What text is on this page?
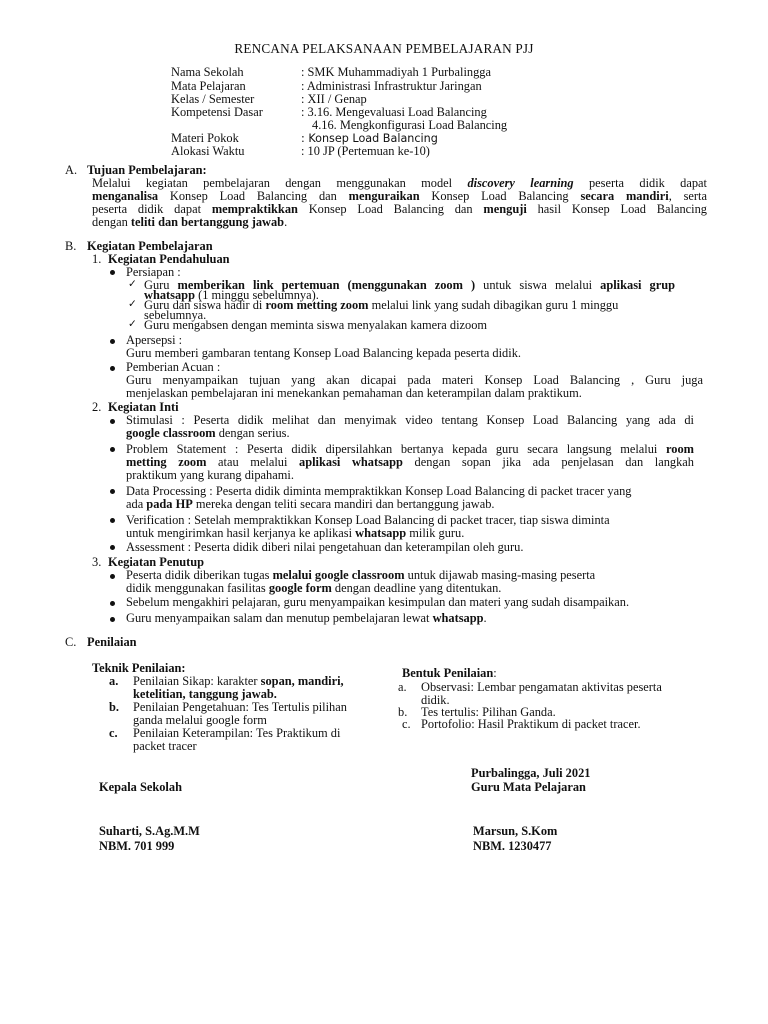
RENCANA PELAKSANAAN PEMBELAJARAN PJJ
Nama Sekolah	: SMK Muhammadiyah 1 Purbalingga
Mata Pelajaran	: Administrasi Infrastruktur Jaringan
Kelas / Semester	: XII / Genap
Kompetensi Dasar	: 3.16. Mengevaluasi Load Balancing
4.16. Mengkonfigurasi Load Balancing
Materi Pokok	: Konsep Load Balancing
Alokasi Waktu	: 10 JP (Pertemuan ke-10)
A. Tujuan Pembelajaran:
Melalui kegiatan pembelajaran dengan menggunakan model discovery learning peserta didik dapat
menganalisa Konsep Load Balancing dan menguraikan Konsep Load Balancing secara mandiri, serta
peserta didik dapat mempraktikkan Konsep Load Balancing dan menguji hasil Konsep Load Balancing
dengan teliti dan bertanggung jawab.
B. Kegiatan Pembelajaran
1. Kegiatan Pendahuluan
Persiapan :
✓ Guru memberikan link pertemuan (menggunakan zoom ) untuk siswa melalui aplikasi grup
whatsapp (1 minggu sebelumnya).
✓ Guru dan siswa hadir di room metting zoom melalui link yang sudah dibagikan guru 1 minggu
sebelumnya.
✓ Guru mengabsen dengan meminta siswa menyalakan kamera dizoom
Apersepsi :
Guru memberi gambaran tentang Konsep Load Balancing kepada peserta didik.
Pemberian Acuan :
Guru menyampaikan tujuan yang akan dicapai pada materi Konsep Load Balancing , Guru juga
menjelaskan pembelajaran ini menekankan pemahaman dan keterampilan dalam praktikum.
2. Kegiatan Inti
Stimulasi : Peserta didik melihat dan menyimak video tentang Konsep Load Balancing yang ada di
google classroom dengan serius.
Problem Statement : Peserta didik dipersilahkan bertanya kepada guru secara langsung melalui room
metting zoom atau melalui aplikasi whatsapp dengan sopan jika ada penjelasan dan langkah
praktikum yang kurang dipahami.
Data Processing : Peserta didik diminta mempraktikkan Konsep Load Balancing di packet tracer yang
ada pada HP mereka dengan teliti secara mandiri dan bertanggung jawab.
Verification : Setelah mempraktikkan Konsep Load Balancing di packet tracer, tiap siswa diminta
untuk mengirimkan hasil kerjanya ke aplikasi whatsapp milik guru.
Assessment : Peserta didik diberi nilai pengetahuan dan keterampilan oleh guru.
3. Kegiatan Penutup
Peserta didik diberikan tugas melalui google classroom untuk dijawab masing-masing peserta
didik menggunakan fasilitas google form dengan deadline yang ditentukan.
Sebelum mengakhiri pelajaran, guru menyampaikan kesimpulan dan materi yang sudah disampaikan.
Guru menyampaikan salam dan menutup pembelajaran lewat whatsapp.
C. Penilaian
Teknik Penilaian:
a. Penilaian Sikap: karakter sopan, mandiri,
ketelitian, tanggung jawab.
b. Penilaian Pengetahuan: Tes Tertulis pilihan
ganda melalui google form
c. Penilaian Keterampilan: Tes Praktikum di
packet tracer
Bentuk Penilaian:
a. Observasi: Lembar pengamatan aktivitas peserta
didik.
b. Tes tertulis: Pilihan Ganda.
c. Portofolio: Hasil Praktikum di packet tracer.
Purbalingga, Juli 2021
Kepala Sekolah	Guru Mata Pelajaran
Suharti, S.Ag.M.M
NBM. 701 999
Marsun, S.Kom
NBM. 1230477
